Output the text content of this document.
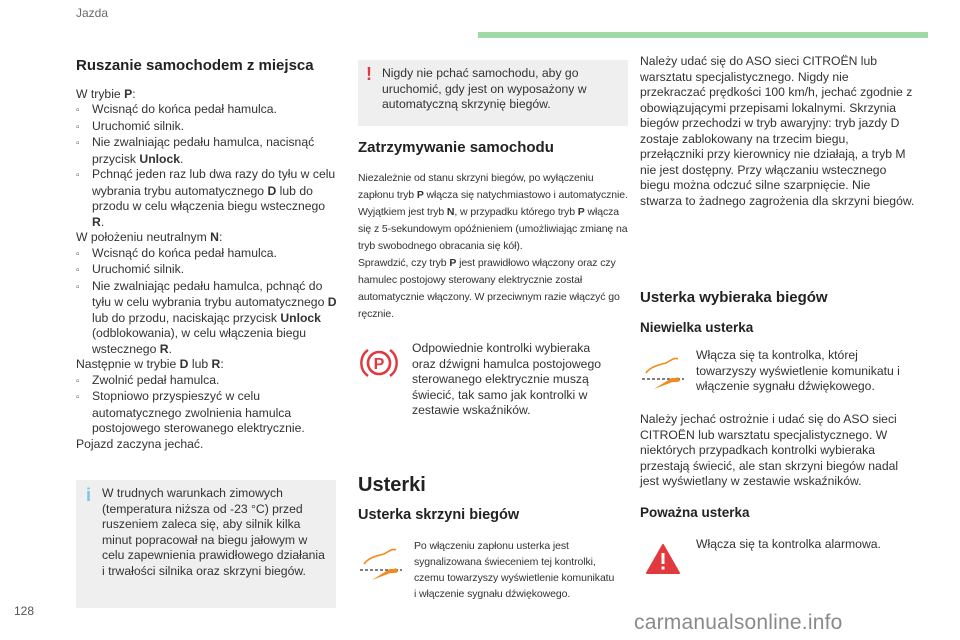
Jazda
Ruszanie samochodem z miejsca

W trybie P:

▫ Wcisnąć do końca pedał hamulca.

▫ Uruchomić silnik.

▫ Nie zwalniając pedału hamulca, nacisnąć przycisk Unlock.

▫ Pchnąć jeden raz lub dwa razy do tyłu w celu wybrania trybu automatycznego D lub do przodu w celu włączenia biegu wstecznego R.

W położeniu neutralnym N:

▫ Wcisnąć do końca pedał hamulca.

▫ Uruchomić silnik.

▫ Nie zwalniając pedału hamulca, pchnąć do tyłu w celu wybrania trybu automatycznego D lub do przodu, naciskając przycisk Unlock (odblokowania), w celu włączenia biegu wstecznego R.

Następnie w trybie D lub R:

▫ Zwolnić pedał hamulca.

▫ Stopniowo przyspieszyć w celu automatycznego zwolnienia hamulca postojowego sterowanego elektrycznie.

Pojazd zaczyna jechać.

i W trudnych warunkach zimowych (temperatura niższa od -23 °C) przed ruszeniem zaleca się, aby silnik kilka minut popracował na biegu jałowym w celu zapewnienia prawidłowego działania i trwałości silnika oraz skrzyni biegów.
! Nigdy nie pchać samochodu, aby go uruchomić, gdy jest on wyposażony w automatyczną skrzynię biegów.
Zatrzymywanie samochodu

Niezależnie od stanu skrzyni biegów, po wyłączeniu zapłonu tryb P włącza się natychmiastowo i automatycznie.
Wyjątkiem jest tryb N, w przypadku którego tryb P włącza się z 5-sekundowym opóźnieniem (umożliwiając zmianę na tryb swobodnego obracania się kół).
Sprawdzić, czy tryb P jest prawidłowo włączony oraz czy hamulec postojowy sterowany elektrycznie został automatycznie włączony. W przeciwnym razie włączyć go ręcznie.

P
Odpowiednie kontrolki wybieraka oraz dźwigni hamulca postojowego sterowanego elektrycznie muszą świecić, tak samo jak kontrolki w zestawie wskaźników.
Usterki
Usterka skrzyni biegów
Po włączeniu zapłonu usterka jest sygnalizowana świeceniem tej kontrolki, czemu towarzyszy wyświetlenie komunikatu i włączenie sygnału dźwiękowego.

Należy udać się do ASO sieci CITROËN lub warsztatu specjalistycznego. Nigdy nie przekraczać prędkości 100 km/h, jechać zgodnie z obowiązującymi przepisami lokalnymi. Skrzynia biegów przechodzi w tryb awaryjny: tryb jazdy D zostaje zablokowany na trzecim biegu, przełączniki przy kierownicy nie działają, a tryb M nie jest dostępny. Przy włączaniu wstecznego biegu można odczuć silne szarpnięcie. Nie stwarza to żadnego zagrożenia dla skrzyni biegów.

Usterka wybieraka biegów
Niewielka usterka
Włącza się ta kontrolka, której towarzyszy wyświetlenie komunikatu i włączenie sygnału dźwiękowego.
Należy jechać ostrożnie i udać się do ASO sieci CITROËN lub warsztatu specjalistycznego. W niektórych przypadkach kontrolki wybieraka przestają świecić, ale stan skrzyni biegów nadal jest wyświetlany w zestawie wskaźników.
Poważna usterka
Włącza się ta kontrolka alarmowa.
128	carmanualsonline.info
